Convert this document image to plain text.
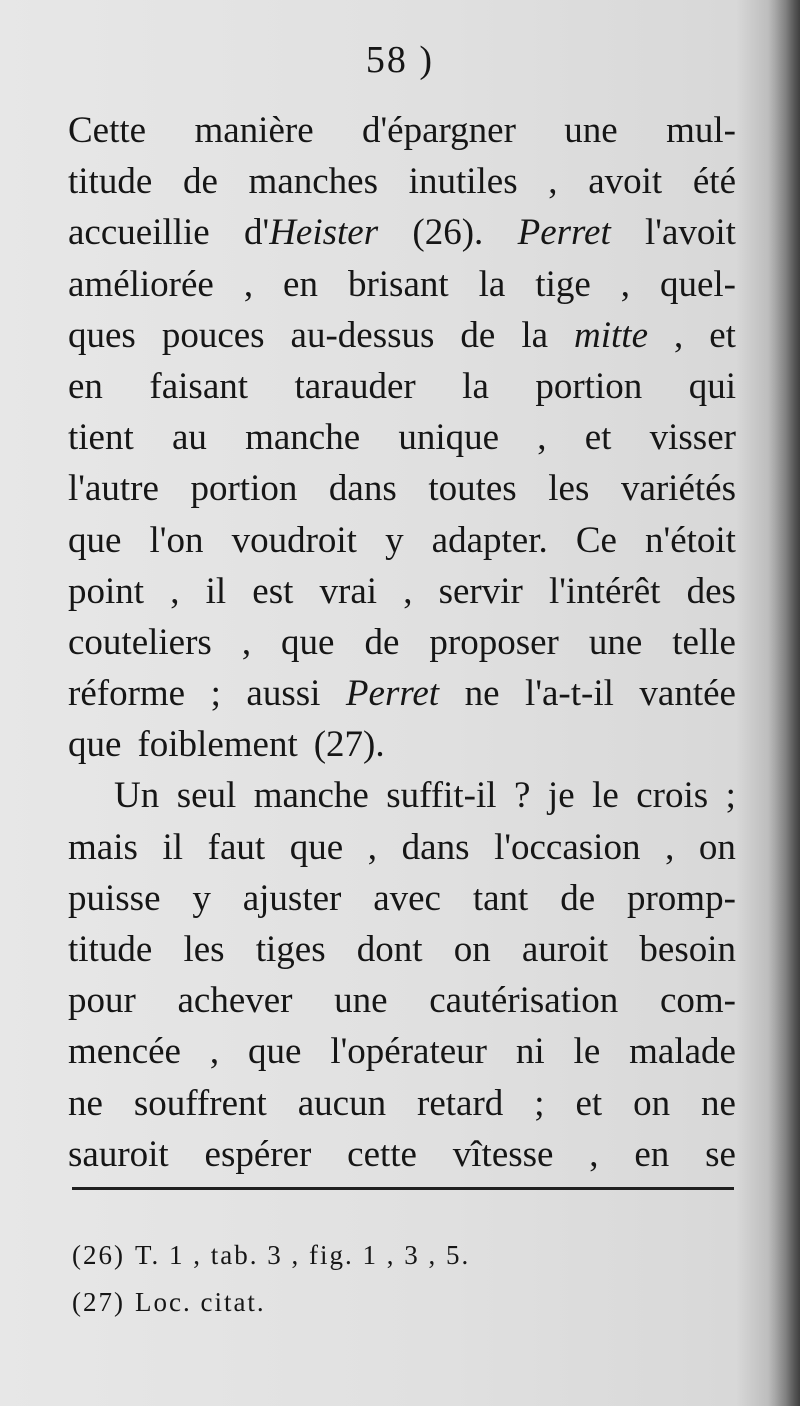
58 )
Cette manière d'épargner une mul-
titude de manches inutiles , avoit été
accueillie d'Heister (26). Perret l'avoit
améliorée , en brisant la tige , quel-
ques pouces au-dessus de la mitte , et
en faisant tarauder la portion qui
tient au manche unique , et visser
l'autre portion dans toutes les variétés
que l'on voudroit y adapter. Ce n'étoit
point , il est vrai , servir l'intérêt des
couteliers , que de proposer une telle
réforme ; aussi Perret ne l'a-t-il vantée
que foiblement (27).
Un seul manche suffit-il ? je le crois ;
mais il faut que , dans l'occasion , on
puisse y ajuster avec tant de promp-
titude les tiges dont on auroit besoin
pour achever une cautérisation com-
mencée , que l'opérateur ni le malade
ne souffrent aucun retard ; et on ne
sauroit espérer cette vîtesse , en se
(26) T. 1 , tab. 3 , fig. 1 , 3 , 5.
(27) Loc. citat.
